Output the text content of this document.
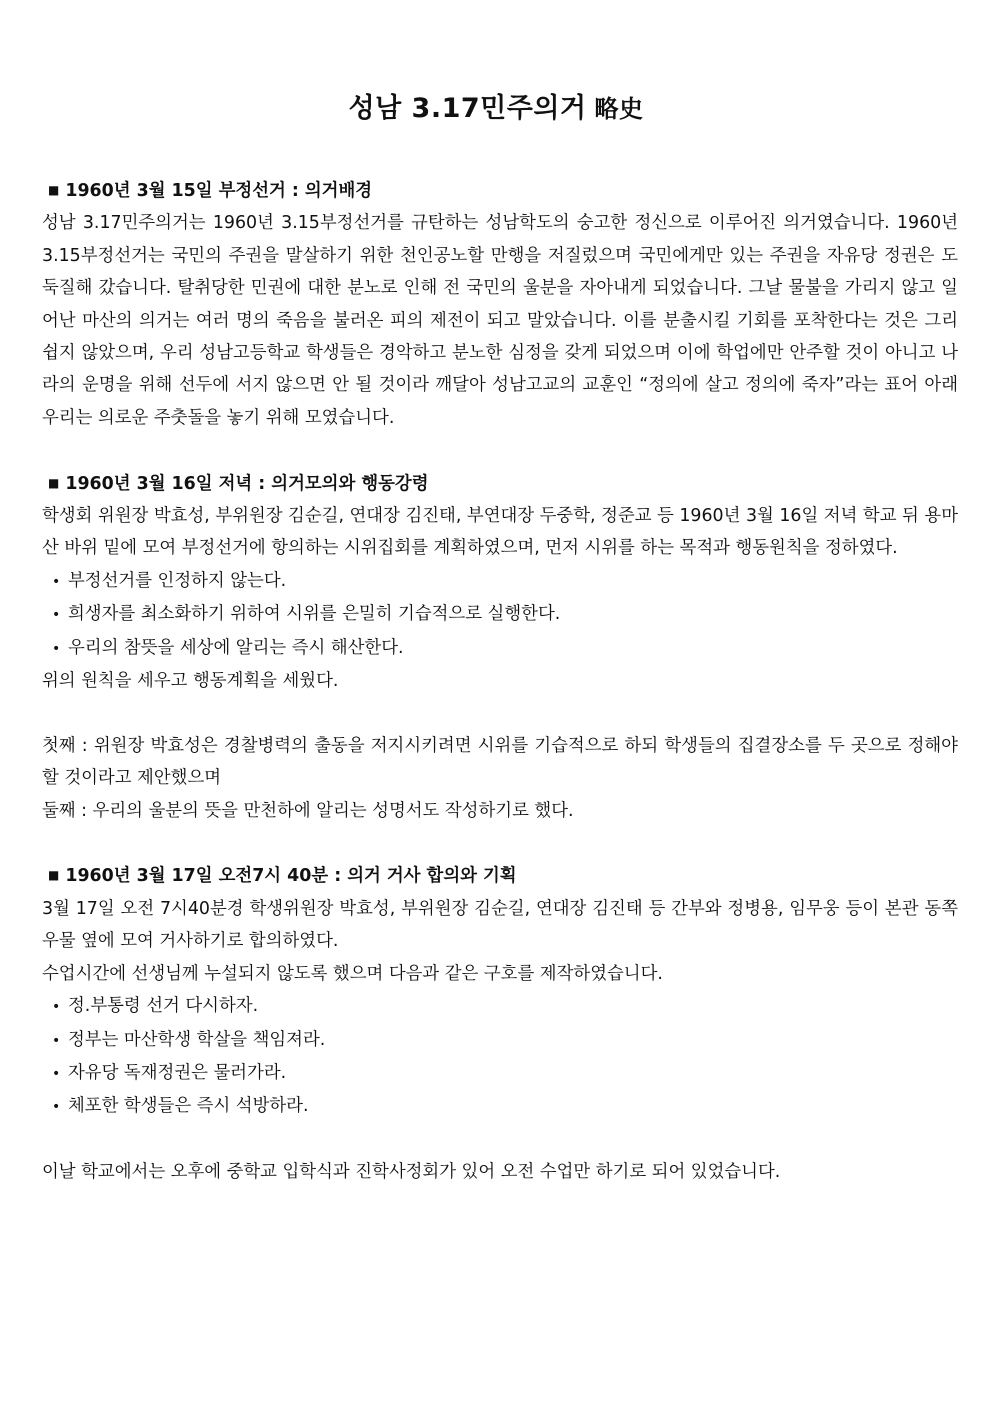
성남 3.17민주의거 略史
■ 1960년 3월 15일 부정선거 : 의거배경

성남 3.17민주의거는 1960년 3.15부정선거를 규탄하는 성남학도의 숭고한 정신으로 이루어진 의거였습니다. 1960년 3.15부정선거는 국민의 주권을 말살하기 위한 천인공노할 만행을 저질렀으며 국민에게만 있는 주권을 자유당 정권은 도둑질해 갔습니다. 탈취당한 민권에 대한 분노로 인해 전 국민의 울분을 자아내게 되었습니다. 그날 물불을 가리지 않고 일어난 마산의 의거는 여러 명의 죽음을 불러온 피의 제전이 되고 말았습니다. 이를 분출시킬 기회를 포착한다는 것은 그리 쉽지 않았으며, 우리 성남고등학교 학생들은 경악하고 분노한 심정을 갖게 되었으며 이에 학업에만 안주할 것이 아니고 나라의 운명을 위해 선두에 서지 않으면 안 될 것이라 깨달아 성남고교의 교훈인 “정의에 살고 정의에 죽자”라는 표어 아래 우리는 의로운 주춧돌을 놓기 위해 모였습니다.

■ 1960년 3월 16일 저녁 : 의거모의와 행동강령

학생회 위원장 박효성, 부위원장 김순길, 연대장 김진태, 부연대장 두중학, 정준교 등 1960년 3월 16일 저녁 학교 뒤 용마산 바위 밑에 모여 부정선거에 항의하는 시위집회를 계획하였으며, 먼저 시위를 하는 목적과 행동원칙을 정하였다.

• 부정선거를 인정하지 않는다.
• 희생자를 최소화하기 위하여 시위를 은밀히 기습적으로 실행한다.
• 우리의 참뜻을 세상에 알리는 즉시 해산한다.
위의 원칙을 세우고 행동계획을 세웠다.

첫째 : 위원장 박효성은 경찰병력의 출동을 저지시키려면 시위를 기습적으로 하되 학생들의 집결장소를 두 곳으로 정해야 할 것이라고 제안했으며

둘째 : 우리의 울분의 뜻을 만천하에 알리는 성명서도 작성하기로 했다.
■ 1960년 3월 17일 오전7시 40분 : 의거 거사 합의와 기획

3월 17일 오전 7시40분경 학생위원장 박효성, 부위원장 김순길, 연대장 김진태 등 간부와 정병용, 임무웅 등이 본관 동쪽 우물 옆에 모여 거사하기로 합의하였다.

수업시간에 선생님께 누설되지 않도록 했으며 다음과 같은 구호를 제작하였습니다.
• 정.부통령 선거 다시하자.
• 정부는 마산학생 학살을 책임져라.
• 자유당 독재정권은 물러가라.
• 체포한 학생들은 즉시 석방하라.

이날 학교에서는 오후에 중학교 입학식과 진학사정회가 있어 오전 수업만 하기로 되어 있었습니다.
